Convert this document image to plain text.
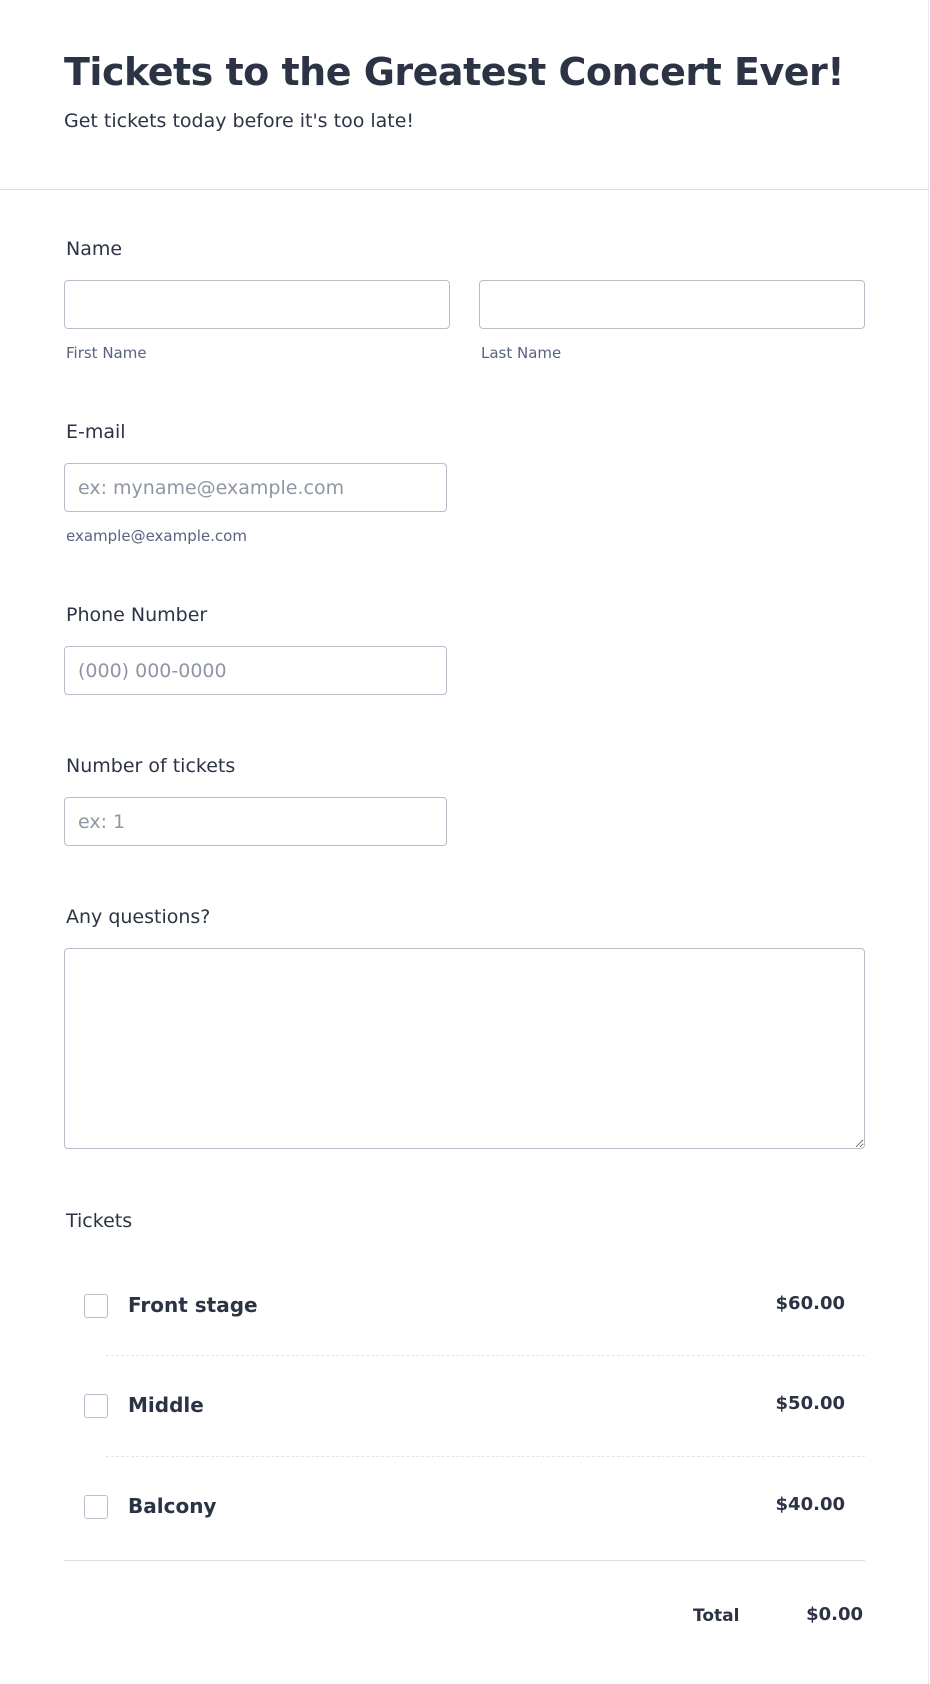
Tickets to the Greatest Concert Ever!

Get tickets today before it's too late!

Name
First Name	Last Name
E-mail
ex: myname@example.com
example@example.com
Phone Number
(000) 000-0000
Number of tickets
ex: 1
Any questions?
Tickets
Front stage	$60.00
Middle	$50.00
Balcony	$40.00
Total	$0.00
